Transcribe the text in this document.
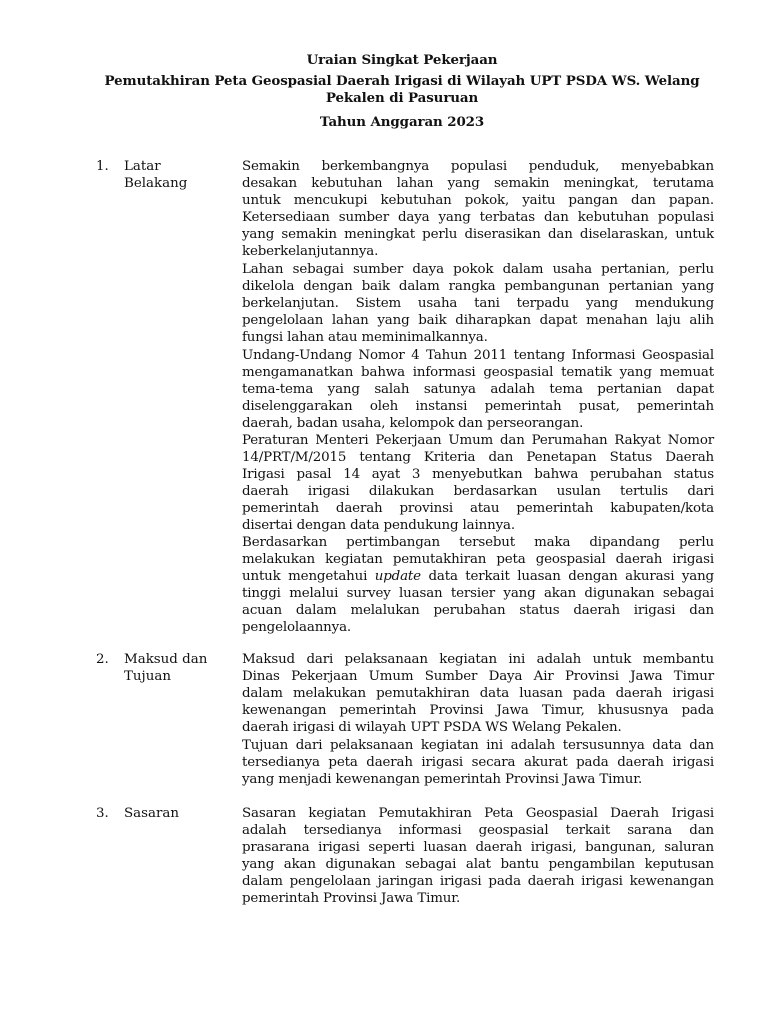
Uraian Singkat Pekerjaan
Pemutakhiran Peta Geospasial Daerah Irigasi di Wilayah UPT PSDA WS. Welang
Pekalen di Pasuruan
Tahun Anggaran 2023
1. Latar
Belakang
Semakin berkembangnya populasi penduduk, menyebabkan
desakan kebutuhan lahan yang semakin meningkat, terutama
untuk mencukupi kebutuhan pokok, yaitu pangan dan papan.
Ketersediaan sumber daya yang terbatas dan kebutuhan populasi
yang semakin meningkat perlu diserasikan dan diselaraskan, untuk
keberkelanjutannya.
Lahan sebagai sumber daya pokok dalam usaha pertanian, perlu
dikelola dengan baik dalam rangka pembangunan pertanian yang
berkelanjutan. Sistem usaha tani terpadu yang mendukung
pengelolaan lahan yang baik diharapkan dapat menahan laju alih
fungsi lahan atau meminimalkannya.
Undang-Undang Nomor 4 Tahun 2011 tentang Informasi Geospasial
mengamanatkan bahwa informasi geospasial tematik yang memuat
tema-tema yang salah satunya adalah tema pertanian dapat
diselenggarakan oleh instansi pemerintah pusat, pemerintah
daerah, badan usaha, kelompok dan perseorangan.
Peraturan Menteri Pekerjaan Umum dan Perumahan Rakyat Nomor
14/PRT/M/2015 tentang Kriteria dan Penetapan Status Daerah
Irigasi pasal 14 ayat 3 menyebutkan bahwa perubahan status
daerah irigasi dilakukan berdasarkan usulan tertulis dari
pemerintah daerah provinsi atau pemerintah kabupaten/kota
disertai dengan data pendukung lainnya.
Berdasarkan pertimbangan tersebut maka dipandang perlu
melakukan kegiatan pemutakhiran peta geospasial daerah irigasi
untuk mengetahui update data terkait luasan dengan akurasi yang
tinggi melalui survey luasan tersier yang akan digunakan sebagai
acuan dalam melalukan perubahan status daerah irigasi dan
pengelolaannya.
2. Maksud dan
Tujuan
Maksud dari pelaksanaan kegiatan ini adalah untuk membantu
Dinas Pekerjaan Umum Sumber Daya Air Provinsi Jawa Timur
dalam melakukan pemutakhiran data luasan pada daerah irigasi
kewenangan pemerintah Provinsi Jawa Timur, khususnya pada
daerah irigasi di wilayah UPT PSDA WS Welang Pekalen.
Tujuan dari pelaksanaan kegiatan ini adalah tersusunnya data dan
tersedianya peta daerah irigasi secara akurat pada daerah irigasi
yang menjadi kewenangan pemerintah Provinsi Jawa Timur.
3. Sasaran	Sasaran kegiatan Pemutakhiran Peta Geospasial Daerah Irigasi
adalah tersedianya informasi geospasial terkait sarana dan
prasarana irigasi seperti luasan daerah irigasi, bangunan, saluran
yang akan digunakan sebagai alat bantu pengambilan keputusan
dalam pengelolaan jaringan irigasi pada daerah irigasi kewenangan
pemerintah Provinsi Jawa Timur.
